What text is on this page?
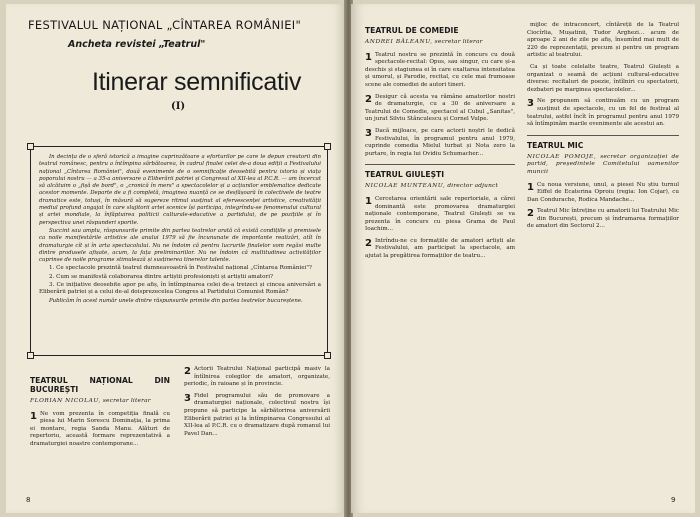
FESTIVALUL NAȚIONAL „CÎNTAREA ROMÂNIEI"
Ancheta revistei „Teatrul"
Itinerar semnificativ
(I)

In decința de o sferă istorică a imagine cuprinzătoare a eforturilor pe care le depun creatorii din teatrul românesc, pentru a întîmpina sărbătoarea, în cadrul finalei celei de-a doua ediții a Festivalului național „Cîntarea României", două evenimente de o semnificație deosebită pentru istoria și viața poporului nostru — a 35-a aniversare a Eliberării patriei și Congresul al XII-lea al P.C.R. — am încercat să alcătuim o „fișă de bord", o „cronică în mers" a spectacolelor și a acțiunilor emblematice dedicate acestor momente. Departe de a fi completă, imaginea nuanță ce se desfășoară în colectivele de teatre dramatice este, totuși, în măsură să sugereze ritmul susținut al efervescenței artistice, creativității mediul profund angajat în care slujitorii artei scenice își participa, integrîndu-se fenomenului cultural și artei mondiale, la înfăptuirea politicii culturale-educative a partidului, de pe pozițiile și în perspectiva unei răspunderi sporite.

Succint sau amplu, răspunsurile primite din partea teatrelor arată că există condițiile și premisele ca noile manifestările artistice ale anului 1979 să fie încununate de importante realizări, atît în dramaturgie cît și în arta spectacolului. Nu ne îndoim că pentru lucrurile finalelor vom regăsi multe dintre produsele afișate, acum, la fața preliminariilor. Nu ne îndoim că multitudinea activităților cuprinse de noile programe stimulează și susținerea tinerelor talente.

1. Ce spectacole prezintă teatrul dumneavoastră în Festivalul național „Cîntarea României"?

2. Cum se manifestă colaborarea dintre artiștii profesioniști și artiștii amatori?

3. Ce inițiative deosebite apor pe afiș, în întîmpinarea celei de-a treizeci și cincea aniversări a Eliberării patriei și a celui de-al doisprezecelea Congres al Partidului Comunist Român?

Publicăm în acest număr unele dintre răspunsurile primite din partea teatrelor bucureștene.

TEATRUL NAȚIONAL DIN BUCUREȘTI
FLORIAN NICOLAU, secretar literar
1 Ne vom prezenta în competiția finală cu piesa lui Marin Sorescu Dominația, la prima ei montare, regia Sanda Manu. Alături de repertoriu, această formare reprezentativă a dramaturgiei noastre contemporane...
2 Actorii Teatrului Național participă masiv la întîlnirea colegilor de amatori, organizate, periodic, în raioane și în provincie.
3 Fidel programului său de promovare a dramaturgiei naționale, colectivul nostru își propune să participe la sărbătorirea aniversării Eliberării patriei și la întîmpinarea Congresului al XII-lea al P.C.R. cu o dramatizare după romanul lui Pavel Dan...
8
TEATRUL DE COMEDIE
ANDREI BĂLEANU, secretar literar
1 Teatrul nostru se prezintă în concurs cu două spectacole-recital: Opus, sau singur, cu care și-a deschis și stagiunea ei în care exaltarea intensitatea și umorul, și Parodie, recital, cu cele mai frumoase scene ale comediei de autori tineri.
2 Desigur că acesta va rămâne amatorilor nostri de dramaturgie, cu a 30 de aniversare a Teatrului de Comedie, spectacol al Cubul „Sanitas", un jurat Silviu Stănculescu și Cornel Vulpe.
3 Dacă mijloace, pe care actorii noștri le dedică Festivalului, în programul pentru anul 1979, cuprinde comedia Mielul turbat și Nota zero la purtare, în regia lui Ovidiu Schumacher...
TEATRUL GIULEȘTI
NICOLAE MUNTEANU, director adjunct
1 Cercetarea orientării sale repertoriale, a cărei dominantă este promovarea dramaturgiei naționale contemporane, Teatrul Giulești se va prezenta în concurs cu piesa Grama de Paul Ioachim...
2 Intrîndu-ne cu formațiile de amatori artiști ale Festivalului, am participat la spectacole, am ajutat la pregătirea formațiilor de teatru...
mijloc de intraconcert, cîntăreții de la Teatrul Ciocîrlia, Mușatinii, Tudor Arghezi... acum de aproape 2 ani de zile pe afiș, însumînd mai mult de 220 de reprezentații, precum și pentru un program artistic al teatrului.
Ca și toate celelalte teatre, Teatrul Giulești a organizat o seamă de acțiuni cultural-educative diverse: recitaluri de poezie, întîlniri cu spectatorii, dezbateri pe marginea spectacolelor...
3 Ne propunem să continuăm cu un program susținut de spectacole, cu un fel de festival al teatrului, astfel încît în programul pentru anul 1979 să întîmpinăm marile evenimente ale acestui an.
TEATRUL MIC
NICOLAE POMOJE, secretar organizației de partid, președintele Comitetului oamenilor muncii
1 Cu noua versiune, unul, a piesei Nu știu turnul Eiffel de Ecaterina Oproiu (regia: Ion Cojar), cu Dan Condurache, Rodica Mandache...
2 Teatrul Mic întreține cu amatorii lui Teatrului Mic din București, precum și îndrumarea formațiilor de amatori din Sectorul 2...
9
